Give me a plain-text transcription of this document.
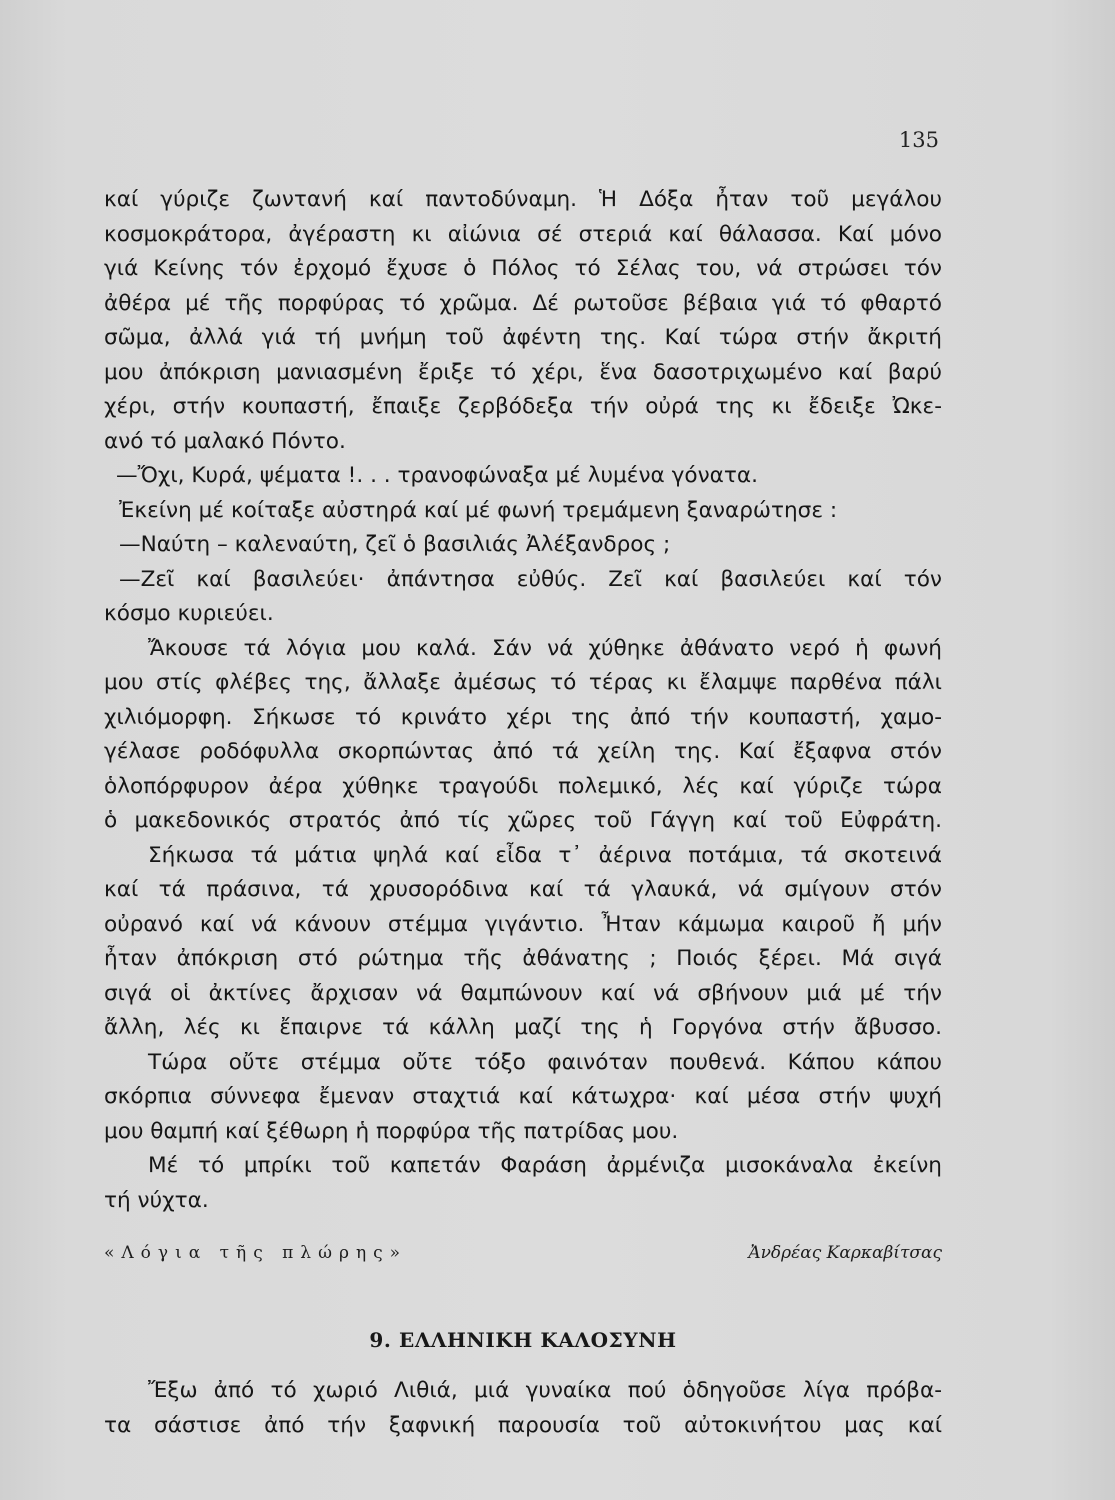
135
καί γύριζε ζωντανή καί παντοδύναμη. Ἡ Δόξα ἦταν τοῦ μεγάλου
κοσμοκράτορα, ἀγέραστη κι αἰώνια σέ στεριά καί θάλασσα. Καί μόνο
γιά Κείνης τόν ἐρχομό ἔχυσε ὁ Πόλος τό Σέλας του, νά στρώσει τόν
ἀθέρα μέ τῆς πορφύρας τό χρῶμα. Δέ ρωτοῦσε βέβαια γιά τό φθαρτό
σῶμα, ἀλλά γιά τή μνήμη τοῦ ἀφέντη της. Καί τώρα στήν ἄκριτή
μου ἀπόκριση μανιασμένη ἔριξε τό χέρι, ἕνα δασοτριχωμένο καί βαρύ
χέρι, στήν κουπαστή, ἔπαιξε ζερβόδεξα τήν οὐρά της κι ἔδειξε Ὠκε-
ανό τό μαλακό Πόντο.
—Ὄχι, Κυρά, ψέματα !. . . τρανοφώναξα μέ λυμένα γόνατα.
Ἐκείνη μέ κοίταξε αὐστηρά καί μέ φωνή τρεμάμενη ξαναρώτησε :
—Ναύτη – καλεναύτη, ζεῖ ὁ βασιλιάς Ἀλέξανδρος ;
—Ζεῖ καί βασιλεύει· ἀπάντησα εὐθύς. Ζεῖ καί βασιλεύει καί τόν
κόσμο κυριεύει.
Ἄκουσε τά λόγια μου καλά. Σάν νά χύθηκε ἀθάνατο νερό ἡ φωνή
μου στίς φλέβες της, ἄλλαξε ἀμέσως τό τέρας κι ἔλαμψε παρθένα πάλι
χιλιόμορφη. Σήκωσε τό κρινάτο χέρι της ἀπό τήν κουπαστή, χαμο-
γέλασε ροδόφυλλα σκορπώντας ἀπό τά χείλη της. Καί ἔξαφνα στόν
ὁλοπόρφυρον ἀέρα χύθηκε τραγούδι πολεμικό, λές καί γύριζε τώρα
ὁ μακεδονικός στρατός ἀπό τίς χῶρες τοῦ Γάγγη καί τοῦ Εὐφράτη.
Σήκωσα τά μάτια ψηλά καί εἶδα τ᾽ ἀέρινα ποτάμια, τά σκοτεινά
καί τά πράσινα, τά χρυσορόδινα καί τά γλαυκά, νά σμίγουν στόν
οὐρανό καί νά κάνουν στέμμα γιγάντιο. Ἦταν κάμωμα καιροῦ ἤ μήν
ἦταν ἀπόκριση στό ρώτημα τῆς ἀθάνατης ; Ποιός ξέρει. Μά σιγά
σιγά οἱ ἀκτίνες ἄρχισαν νά θαμπώνουν καί νά σβήνουν μιά μέ τήν
ἄλλη, λές κι ἔπαιρνε τά κάλλη μαζί της ἡ Γοργόνα στήν ἄβυσσο.
Τώρα οὔτε στέμμα οὔτε τόξο φαινόταν πουθενά. Κάπου κάπου
σκόρπια σύννεφα ἔμεναν σταχτιά καί κάτωχρα· καί μέσα στήν ψυχή
μου θαμπή καί ξέθωρη ἡ πορφύρα τῆς πατρίδας μου.
Μέ τό μπρίκι τοῦ καπετάν Φαράση ἀρμένιζα μισοκάναλα ἐκείνη
τή νύχτα.
«Λόγια τῆς πλώρης»	Ἀνδρέας Καρκαβίτσας
9. ΕΛΛΗΝΙΚΗ ΚΑΛΟΣΥΝΗ
Ἔξω ἀπό τό χωριό Λιθιά, μιά γυναίκα πού ὁδηγοῦσε λίγα πρόβα-
τα σάστισε ἀπό τήν ξαφνική παρουσία τοῦ αὐτοκινήτου μας καί
